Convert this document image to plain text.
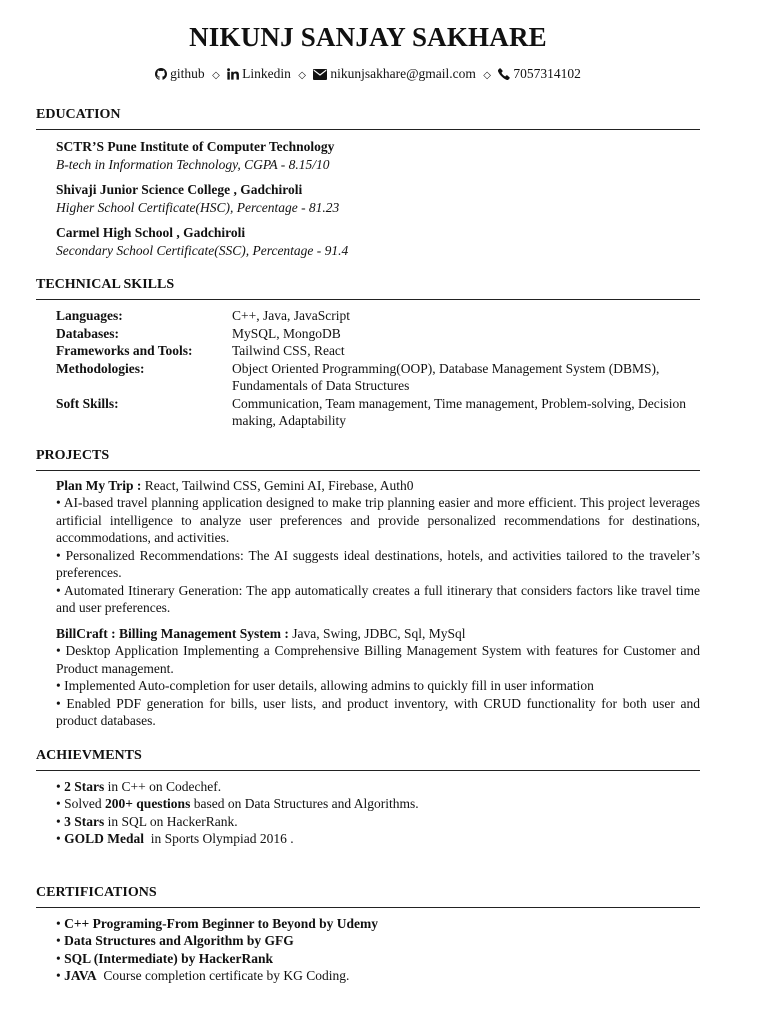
NIKUNJ SANJAY SAKHARE
github ◇ Linkedin ◇ nikunjsakhare@gmail.com ◇ 7057314102
EDUCATION
SCTR’S Pune Institute of Computer Technology
B-tech in Information Technology, CGPA - 8.15/10
Shivaji Junior Science College , Gadchiroli
Higher School Certificate(HSC), Percentage - 81.23
Carmel High School , Gadchiroli
Secondary School Certificate(SSC), Percentage - 91.4
TECHNICAL SKILLS
Languages:	C++, Java, JavaScript
Databases:	MySQL, MongoDB
Frameworks and Tools:	Tailwind CSS, React
Methodologies:	Object Oriented Programming(OOP), Database Management System (DBMS), Fundamentals of Data Structures
Soft Skills:	Communication, Team management, Time management, Problem-solving, Decision making, Adaptability
PROJECTS
Plan My Trip : React, Tailwind CSS, Gemini AI, Firebase, Auth0

• AI-based travel planning application designed to make trip planning easier and more efficient. This project leverages artificial intelligence to analyze user preferences and provide personalized recommendations for destinations, accommodations, and activities.

• Personalized Recommendations: The AI suggests ideal destinations, hotels, and activities tailored to the traveler’s preferences.

• Automated Itinerary Generation: The app automatically creates a full itinerary that considers factors like travel time and user preferences.

BillCraft : Billing Management System : Java, Swing, JDBC, Sql, MySql

• Desktop Application Implementing a Comprehensive Billing Management System with features for Customer and Product management.

• Implemented Auto-completion for user details, allowing admins to quickly fill in user information

• Enabled PDF generation for bills, user lists, and product inventory, with CRUD functionality for both user and product databases.

ACHIEVMENTS

• 2 Stars in C++ on Codechef.

• Solved 200+ questions based on Data Structures and Algorithms.

• 3 Stars in SQL on HackerRank.

• GOLD Medal  in Sports Olympiad 2016 .

CERTIFICATIONS

• C++ Programing-From Beginner to Beyond by Udemy

• Data Structures and Algorithm by GFG

• SQL (Intermediate) by HackerRank

• JAVA  Course completion certificate by KG Coding.
